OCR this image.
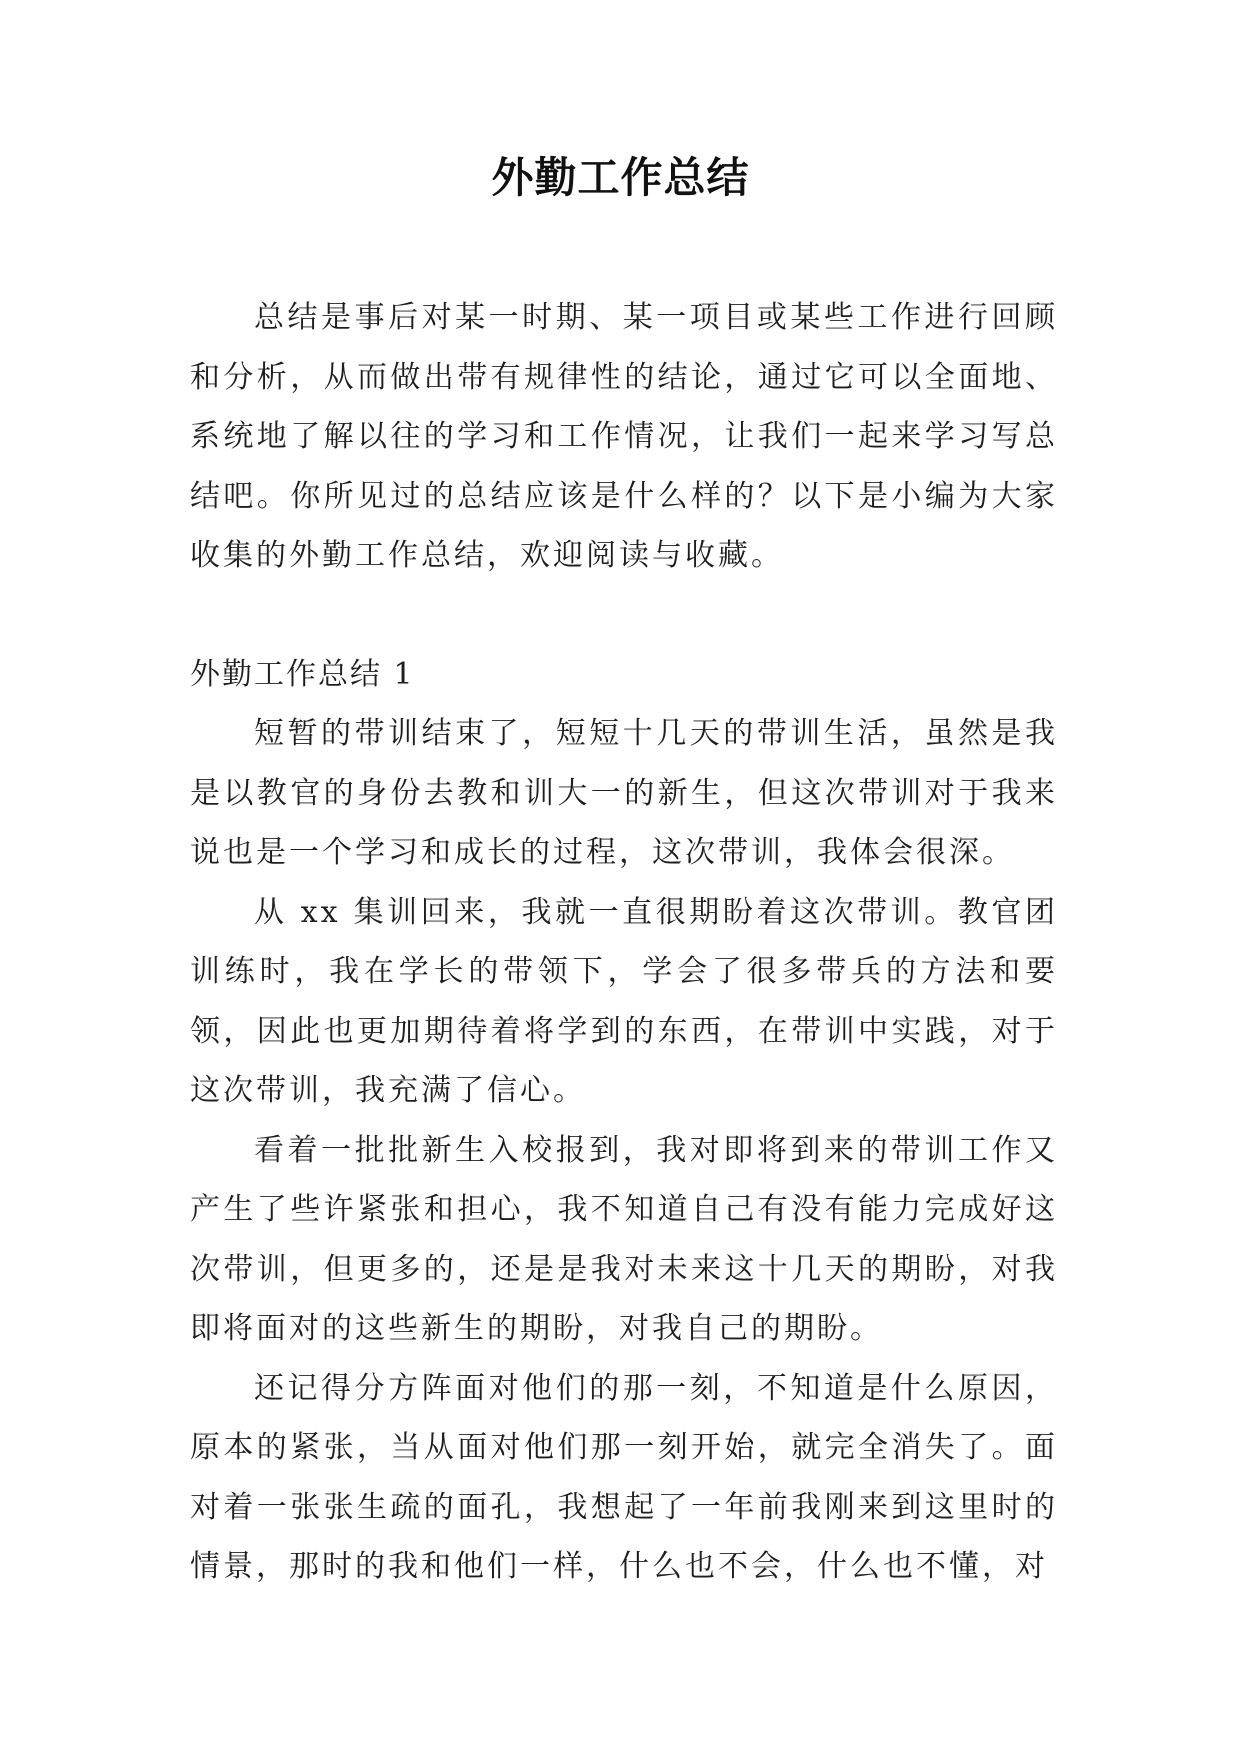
外勤工作总结

总结是事后对某一时期、某一项目或某些工作进行回顾和分析，从而做出带有规律性的结论，通过它可以全面地、系统地了解以往的学习和工作情况，让我们一起来学习写总结吧。你所见过的总结应该是什么样的？以下是小编为大家收集的外勤工作总结，欢迎阅读与收藏。

外勤工作总结 1

短暂的带训结束了，短短十几天的带训生活，虽然是我是以教官的身份去教和训大一的新生，但这次带训对于我来说也是一个学习和成长的过程，这次带训，我体会很深。

从 xx 集训回来，我就一直很期盼着这次带训。教官团训练时，我在学长的带领下，学会了很多带兵的方法和要领，因此也更加期待着将学到的东西，在带训中实践，对于这次带训，我充满了信心。

看着一批批新生入校报到，我对即将到来的带训工作又产生了些许紧张和担心，我不知道自己有没有能力完成好这次带训，但更多的，还是是我对未来这十几天的期盼，对我即将面对的这些新生的期盼，对我自己的期盼。

还记得分方阵面对他们的那一刻，不知道是什么原因，原本的紧张，当从面对他们那一刻开始，就完全消失了。面对着一张张生疏的面孔，我想起了一年前我刚来到这里时的情景，那时的我和他们一样，什么也不会，什么也不懂，对
